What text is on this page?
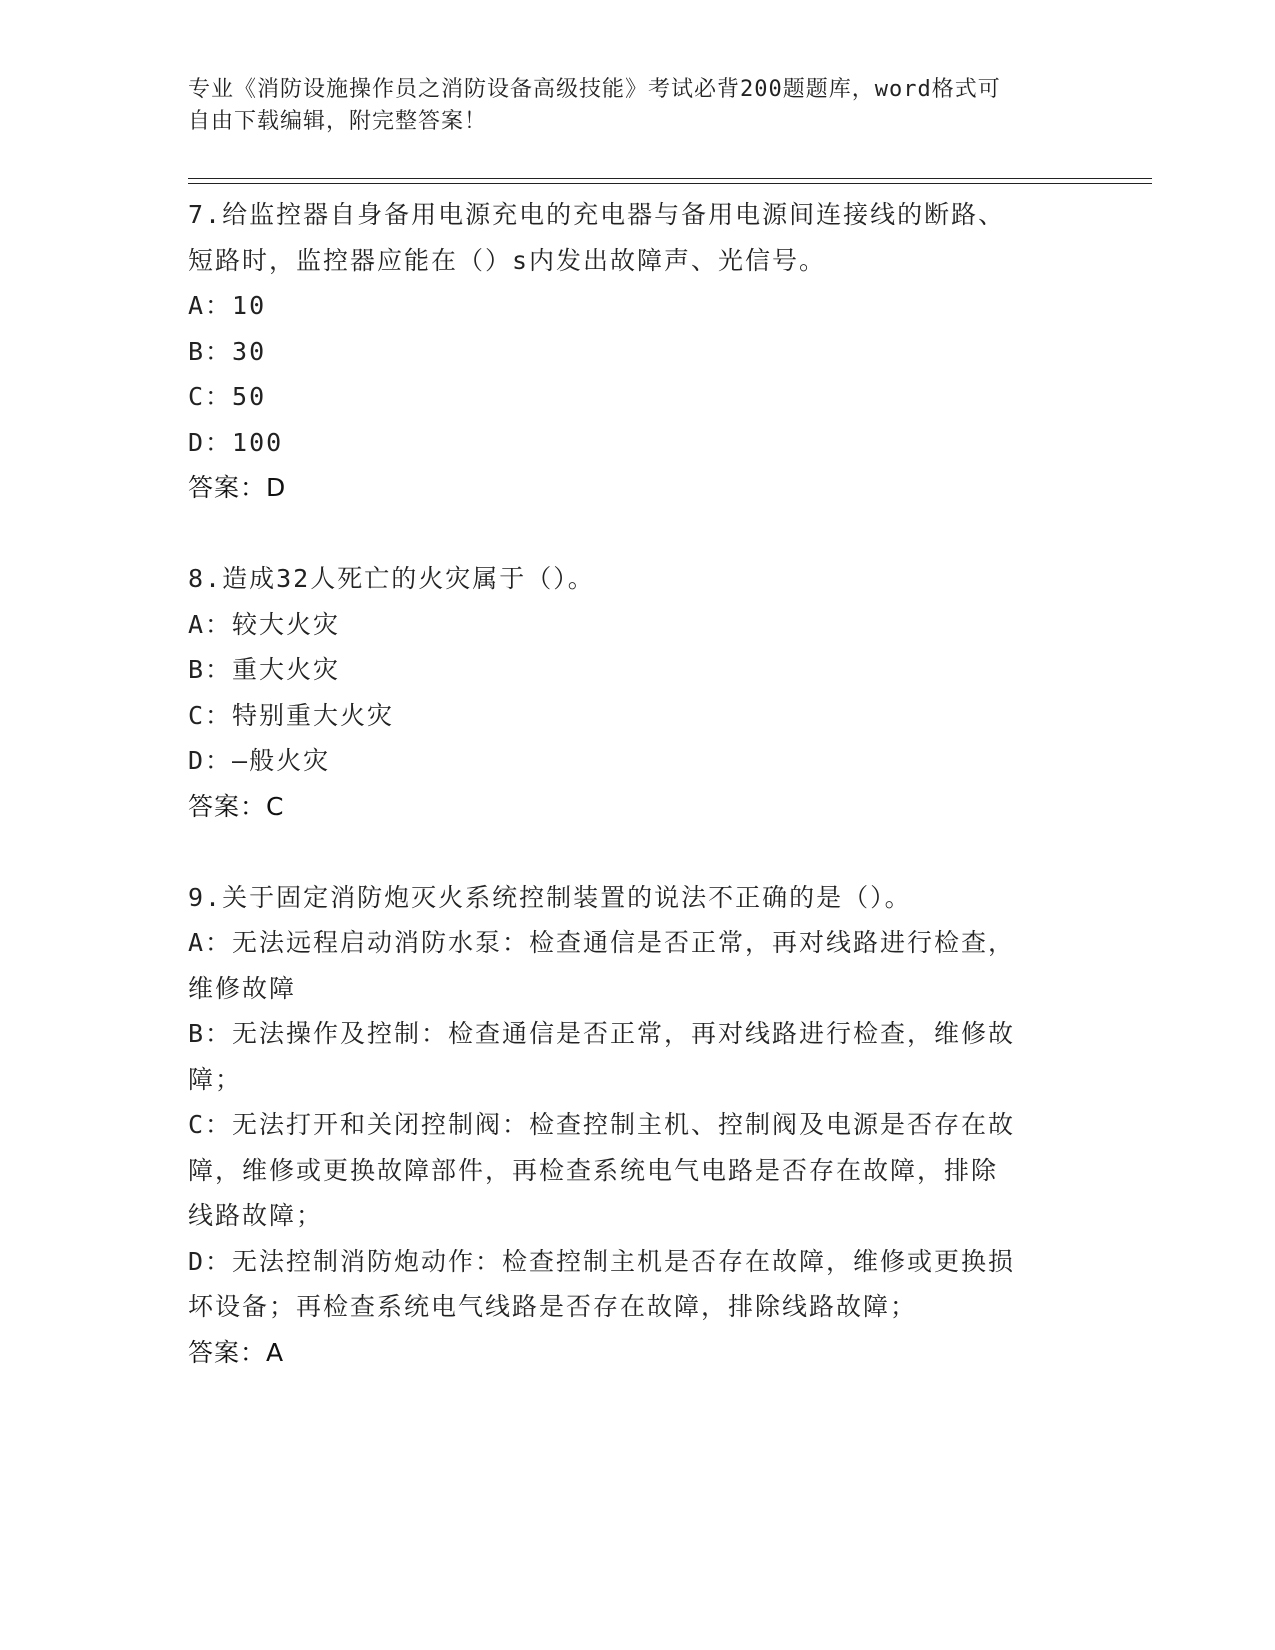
专业《消防设施操作员之消防设备高级技能》考试必背200题题库，word格式可
自由下载编辑，附完整答案！
7.给监控器自身备用电源充电的充电器与备用电源间连接线的断路、
短路时，监控器应能在（）s内发出故障声、光信号。
A：10
B：30
C：50
D：100
答案：D
8.造成32人死亡的火灾属于（）。
A：较大火灾
B：重大火灾
C：特别重大火灾
D：—般火灾
答案：C
9.关于固定消防炮灭火系统控制装置的说法不正确的是（）。
A：无法远程启动消防水泵：检查通信是否正常，再对线路进行检查，
维修故障
B：无法操作及控制：检查通信是否正常，再对线路进行检查，维修故
障；
C：无法打开和关闭控制阀：检查控制主机、控制阀及电源是否存在故
障，维修或更换故障部件，再检查系统电气电路是否存在故障，排除
线路故障；
D：无法控制消防炮动作：检查控制主机是否存在故障，维修或更换损
坏设备；再检查系统电气线路是否存在故障，排除线路故障；
答案：A
